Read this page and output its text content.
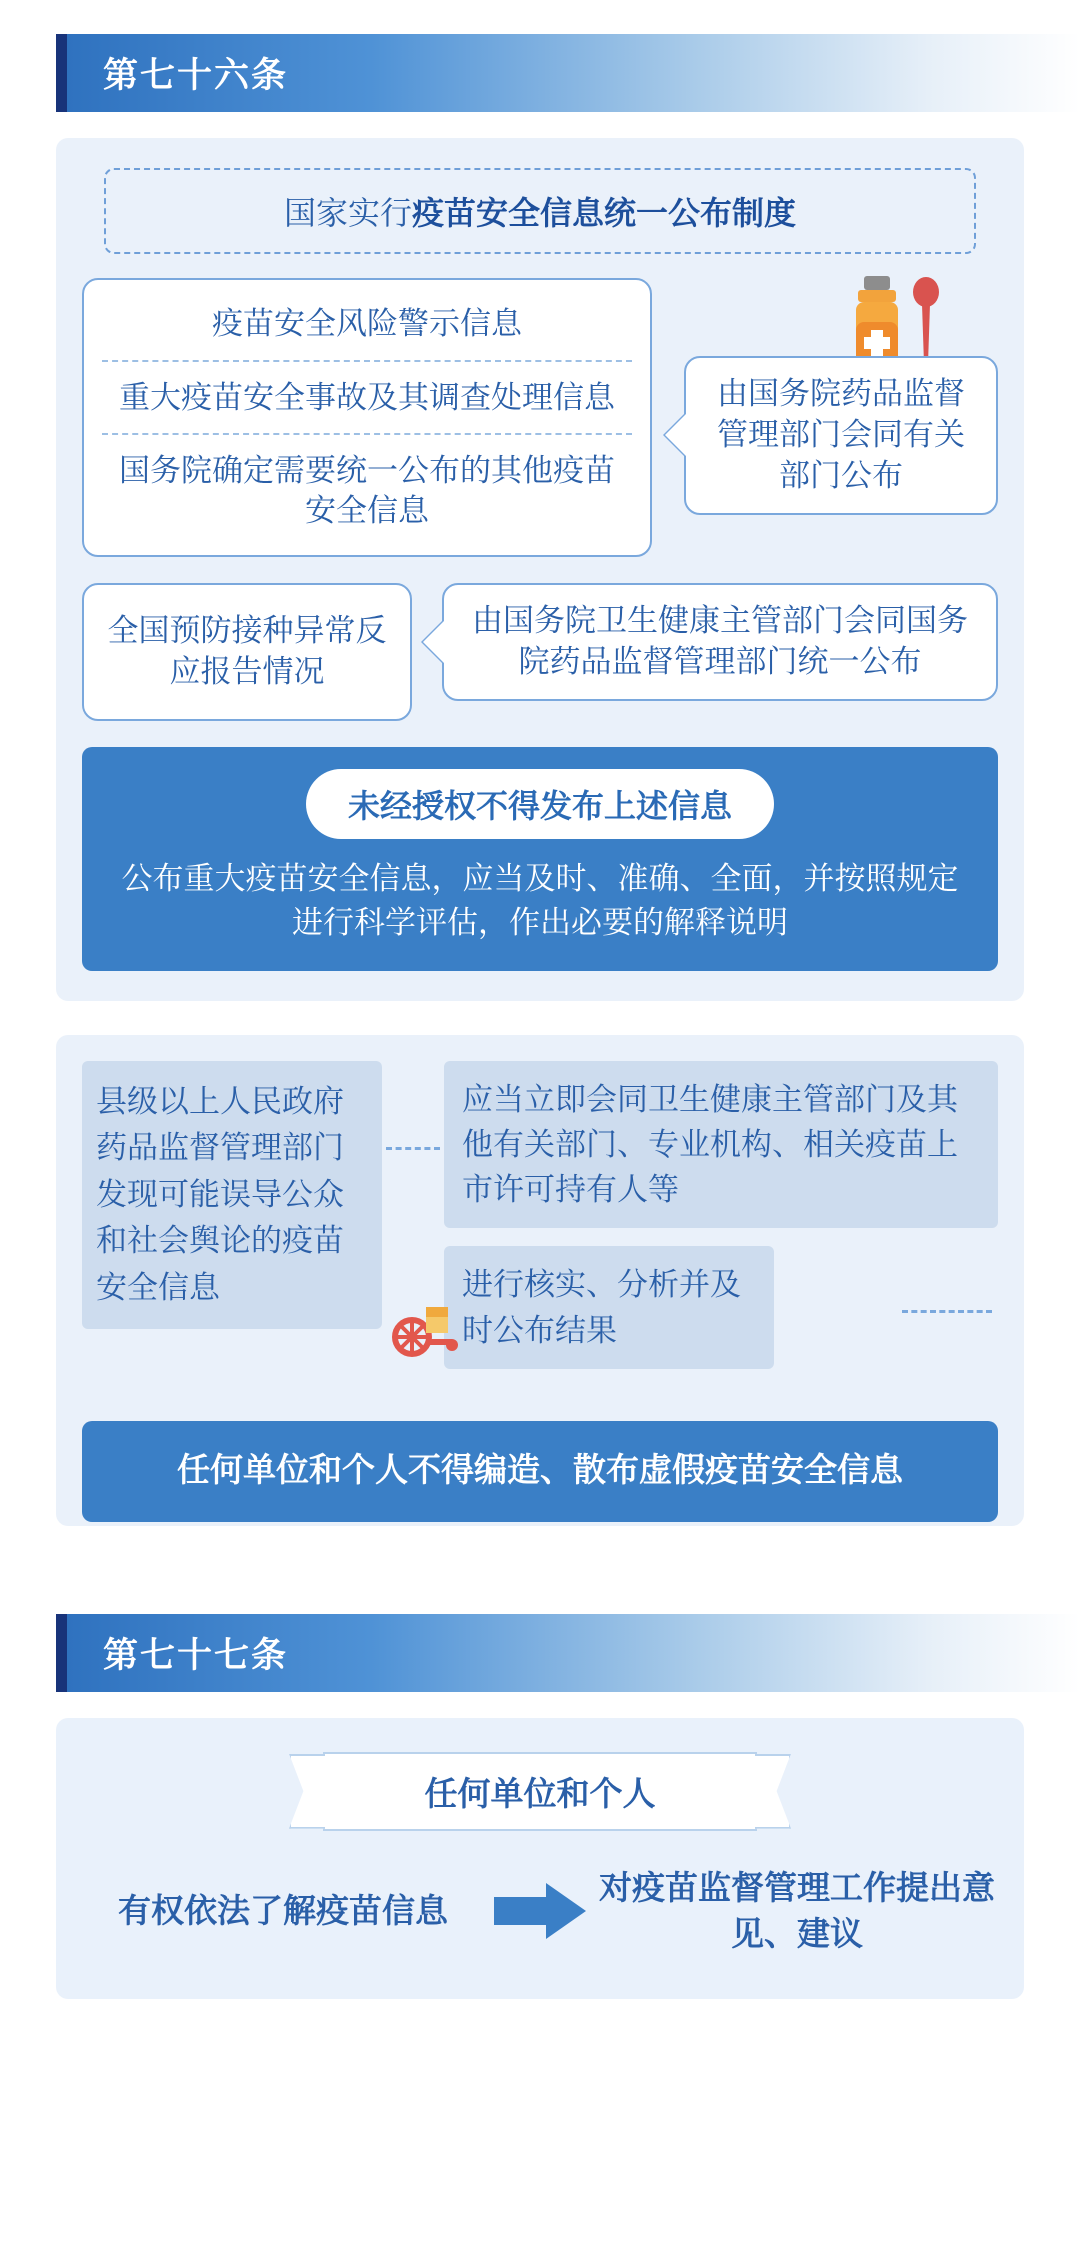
第七十六条
国家实行疫苗安全信息统一公布制度
疫苗安全风险警示信息
重大疫苗安全事故及其调查处理信息
国务院确定需要统一公布的其他疫苗安全信息
由国务院药品监督管理部门会同有关部门公布
全国预防接种异常反应报告情况
由国务院卫生健康主管部门会同国务院药品监督管理部门统一公布
未经授权不得发布上述信息
公布重大疫苗安全信息，应当及时、准确、全面，并按照规定进行科学评估，作出必要的解释说明
县级以上人民政府药品监督管理部门发现可能误导公众和社会舆论的疫苗安全信息
应当立即会同卫生健康主管部门及其他有关部门、专业机构、相关疫苗上市许可持有人等
进行核实、分析并及时公布结果
任何单位和个人不得编造、散布虚假疫苗安全信息
第七十七条
任何单位和个人
有权依法了解疫苗信息
对疫苗监督管理工作提出意见、建议
